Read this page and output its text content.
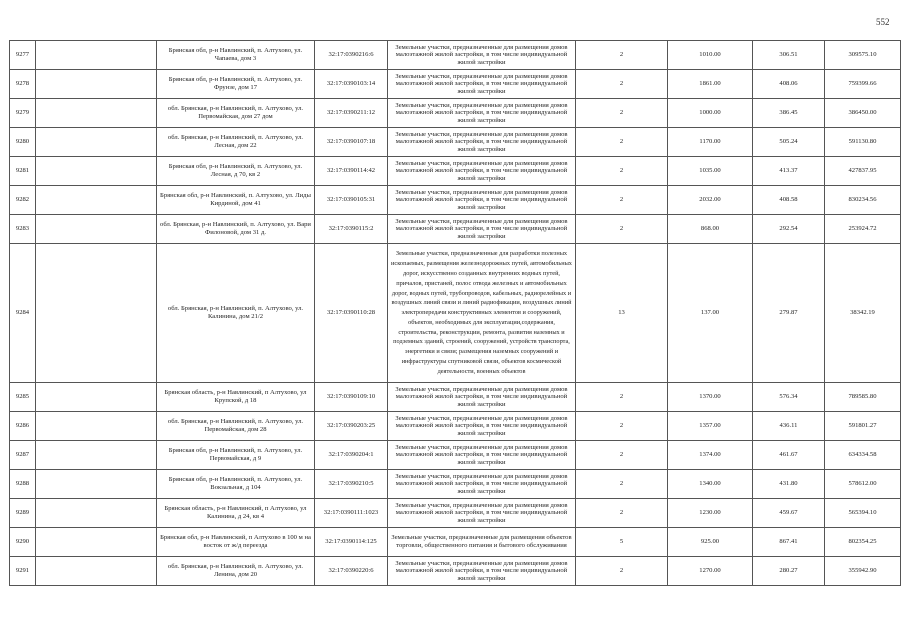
552
9277		Брянская обл, р-н Навлинский, п. Алтухово, ул. Чапаева, дом 3	32:17:0390216:6	Земельные участки, предназначенные для размещения домов малоэтажной жилой застройки, в том числе индивидуальной жилой застройки	2	1010.00	306.51	309575.10
9278		Брянская обл, р-н Навлинский, п. Алтухово, ул. Фрунзе, дом 17	32:17:0390103:14	Земельные участки, предназначенные для размещения домов малоэтажной жилой застройки, в том числе индивидуальной жилой застройки	2	1861.00	408.06	759399.66
9279		обл. Брянская, р-н Навлинский, п. Алтухово, ул. Первомайская, дом 27 дом	32:17:0390211:12	Земельные участки, предназначенные для размещения домов малоэтажной жилой застройки, в том числе индивидуальной жилой застройки	2	1000.00	386.45	386450.00
9280		обл. Брянская, р-н Навлинский, п. Алтухово, ул. Лесная, дом 22	32:17:0390107:18	Земельные участки, предназначенные для размещения домов малоэтажной жилой застройки, в том числе индивидуальной жилой застройки	2	1170.00	505.24	591130.80
9281		Брянская обл, р-н Навлинский, п. Алтухово, ул. Лесная, д 70, кв 2	32:17:0390114:42	Земельные участки, предназначенные для размещения домов малоэтажной жилой застройки, в том числе индивидуальной жилой застройки	2	1035.00	413.37	427837.95
9282		Брянская обл, р-н Навлинский, п. Алтухово, ул. Лиды Кирдиной, дом 41	32:17:0390105:31	Земельные участки, предназначенные для размещения домов малоэтажной жилой застройки, в том числе индивидуальной жилой застройки	2	2032.00	408.58	830234.56
9283		обл. Брянская, р-н Навлинский, п. Алтухово, ул. Вари Филоновой, дом 31 д.	32:17:0390115:2	Земельные участки, предназначенные для размещения домов малоэтажной жилой застройки, в том числе индивидуальной жилой застройки	2	868.00	292.54	253924.72
9284		обл. Брянская, р-н Навлинский, п. Алтухово, ул. Калинина, дом 21/2	32:17:0390110:28	Земельные участки, предназначенные для разработки полезных ископаемых, размещения железнодорожных путей, автомобильных дорог, искусственно созданных внутренних водных путей, причалов, пристаней, полос отвода железных и автомобильных дорог, водных путей, трубопроводов, кабельных, радиорелейных и воздушных линий связи и линий радиофикации, воздушных линий электропередачи конструктивных элементов и сооружений, объектов, необходимых для эксплуатации,содержания, строительства, реконструкции, ремонта, развития наземных и подземных зданий, строений, сооружений, устройств транспорта, энергетики и связи; размещения наземных сооружений и инфраструктуры спутниковой связи, объектов космической деятельности, военных объектов	13	137.00	279.87	38342.19
9285		Брянская область, р-н Навлинский, п Алтухово, ул Крупской, д 18	32:17:0390109:10	Земельные участки, предназначенные для размещения домов малоэтажной жилой застройки, в том числе индивидуальной жилой застройки	2	1370.00	576.34	789585.80
9286		обл. Брянская, р-н Навлинский, п. Алтухово, ул. Первомайская, дом 28	32:17:0390203:25	Земельные участки, предназначенные для размещения домов малоэтажной жилой застройки, в том числе индивидуальной жилой застройки	2	1357.00	436.11	591801.27
9287		Брянская обл, р-н Навлинский, п. Алтухово, ул. Первомайская, д 9	32:17:0390204:1	Земельные участки, предназначенные для размещения домов малоэтажной жилой застройки, в том числе индивидуальной жилой застройки	2	1374.00	461.67	634334.58
9288		Брянская обл, р-н Навлинский, п. Алтухово, ул. Вокзальная, д 104	32:17:0390210:5	Земельные участки, предназначенные для размещения домов малоэтажной жилой застройки, в том числе индивидуальной жилой застройки	2	1340.00	431.80	578612.00
9289		Брянская область, р-н Навлинский, п Алтухово, ул Калинина, д 24, кв 4	32:17:0390111:1023	Земельные участки, предназначенные для размещения домов малоэтажной жилой застройки, в том числе индивидуальной жилой застройки	2	1230.00	459.67	565394.10
9290		Брянская обл, р-н Навлинский, п Алтухово в 100 м на восток от ж/д переезда	32:17:0390114:125	Земельные участки, предназначенные для размещения объектов торговли, общественного питания и бытового обслуживания	5	925.00	867.41	802354.25
9291		обл. Брянская, р-н Навлинский, п. Алтухово, ул. Ленина, дом 20	32:17:0390220:6	Земельные участки, предназначенные для размещения домов малоэтажной жилой застройки, в том числе индивидуальной жилой застройки	2	1270.00	280.27	355942.90
